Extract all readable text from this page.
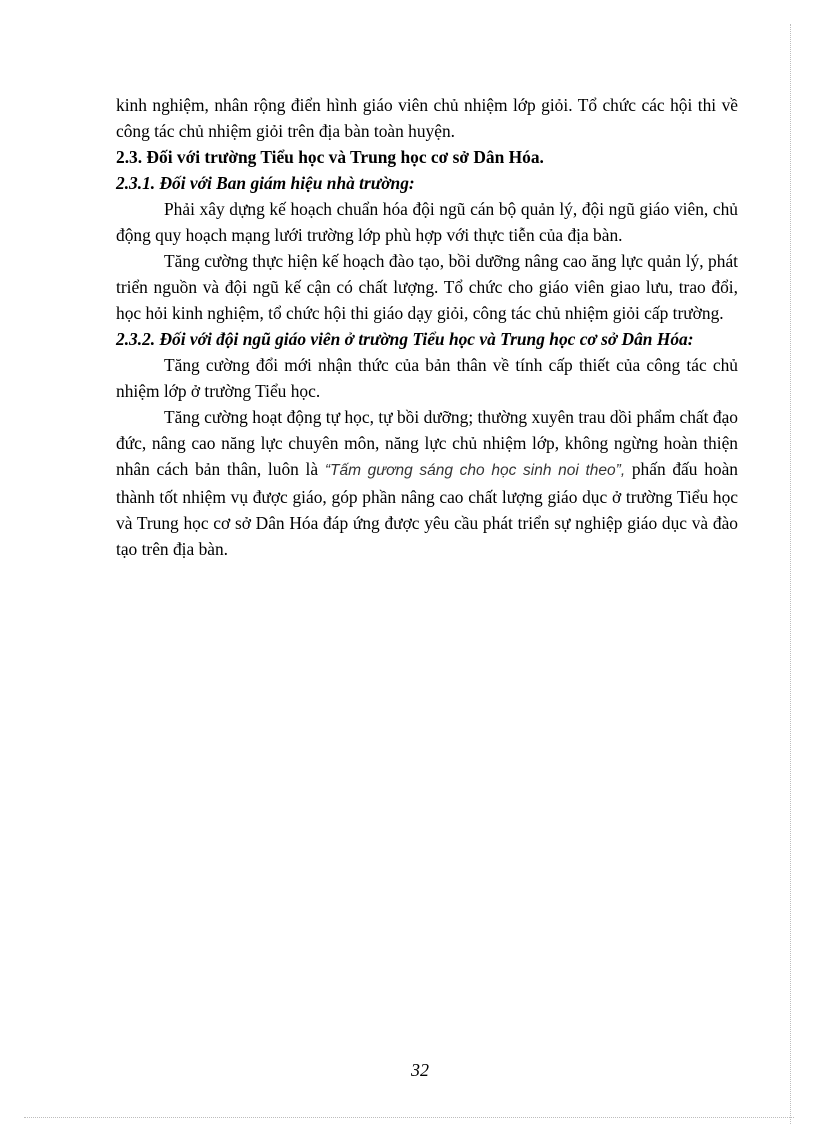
kinh nghiệm, nhân rộng điển hình giáo viên chủ nhiệm lớp giỏi. Tổ chức các hội thi về công tác chủ nhiệm giỏi trên địa bàn toàn huyện.

2.3. Đối với trường Tiểu học và Trung học cơ sở Dân Hóa.

2.3.1. Đối với Ban giám hiệu nhà trường:

Phải xây dựng kế hoạch chuẩn hóa đội ngũ cán bộ quản lý, đội ngũ giáo viên, chủ động quy hoạch mạng lưới trường lớp phù hợp với thực tiễn của địa bàn.

Tăng cường thực hiện kế hoạch đào tạo, bồi dưỡng nâng cao ăng lực quản lý, phát triển nguồn và đội ngũ kế cận có chất lượng. Tổ chức cho giáo viên giao lưu, trao đổi, học hỏi kinh nghiệm, tổ chức hội thi giáo dạy giỏi, công tác chủ nhiệm giỏi cấp trường.

2.3.2. Đối với đội ngũ giáo viên ở trường Tiểu học và Trung học cơ sở Dân Hóa:

Tăng cường đổi mới nhận thức của bản thân về tính cấp thiết của công tác chủ nhiệm lớp ở trường Tiểu học.

Tăng cường hoạt động tự học, tự bồi dưỡng; thường xuyên trau dồi phẩm chất đạo đức, nâng cao năng lực chuyên môn, năng lực chủ nhiệm lớp, không ngừng hoàn thiện nhân cách bản thân, luôn là “Tấm gương sáng cho học sinh noi theo”, phấn đấu hoàn thành tốt nhiệm vụ được giáo, góp phần nâng cao chất lượng giáo dục ở trường Tiểu học và Trung học cơ sở Dân Hóa đáp ứng được yêu cầu phát triển sự nghiệp giáo dục và đào tạo trên địa bàn.

32
